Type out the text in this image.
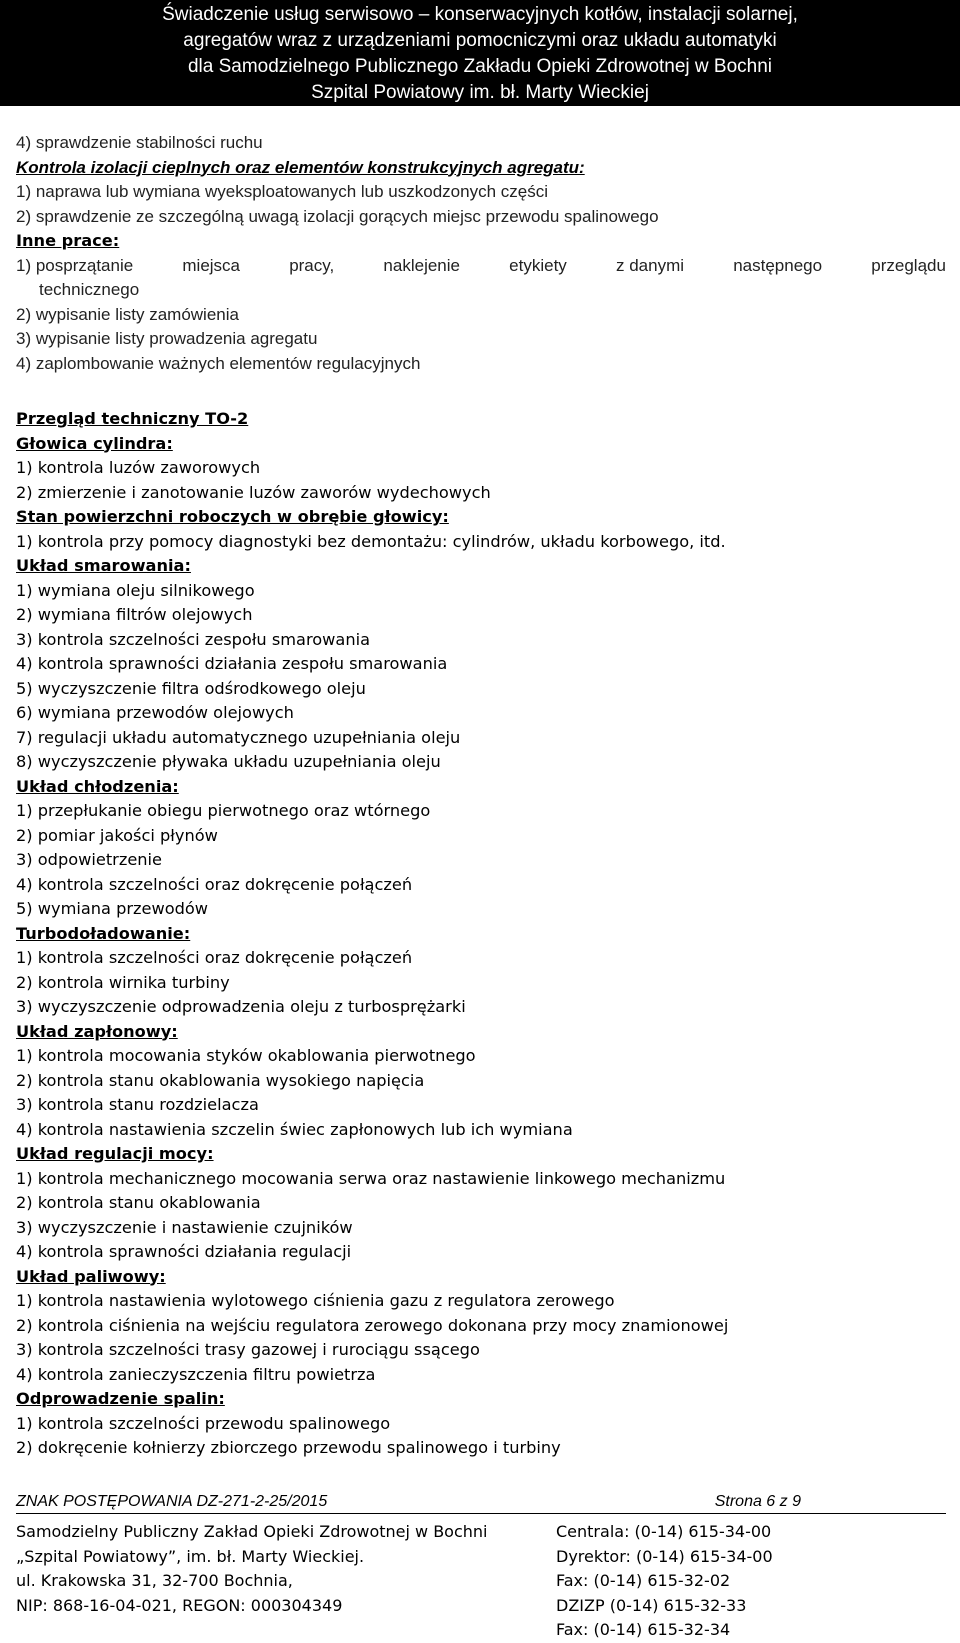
Świadczenie usług serwisowo – konserwacyjnych kotłów, instalacji solarnej,
agregatów wraz z urządzeniami pomocniczymi oraz układu automatyki
dla Samodzielnego Publicznego Zakładu Opieki Zdrowotnej w Bochni
Szpital Powiatowy im. bł. Marty Wieckiej
4) sprawdzenie stabilności ruchu
Kontrola izolacji cieplnych oraz elementów konstrukcyjnych agregatu:
1) naprawa lub wymiana wyeksploatowanych lub uszkodzonych części
2) sprawdzenie ze szczególną uwagą izolacji gorących miejsc przewodu spalinowego
Inne prace:
1) posprzątanie	miejsca	pracy,	naklejenie	etykiety	z danymi	następnego	przeglądu
technicznego
2) wypisanie listy zamówienia
3) wypisanie listy prowadzenia agregatu
4) zaplombowanie ważnych elementów regulacyjnych
Przegląd techniczny TO-2
Głowica cylindra:
1) kontrola luzów zaworowych
2) zmierzenie i zanotowanie luzów zaworów wydechowych
Stan powierzchni roboczych w obrębie głowicy:
1) kontrola przy pomocy diagnostyki bez demontażu: cylindrów, układu korbowego, itd.
Układ smarowania:
1) wymiana oleju silnikowego
2) wymiana filtrów olejowych
3) kontrola szczelności zespołu smarowania
4) kontrola sprawności działania zespołu smarowania
5) wyczyszczenie filtra odśrodkowego oleju
6) wymiana przewodów olejowych
7) regulacji układu automatycznego uzupełniania oleju
8) wyczyszczenie pływaka układu uzupełniania oleju
Układ chłodzenia:
1) przepłukanie obiegu pierwotnego oraz wtórnego
2) pomiar jakości płynów
3) odpowietrzenie
4) kontrola szczelności oraz dokręcenie połączeń
5) wymiana przewodów
Turbodoładowanie:
1) kontrola szczelności oraz dokręcenie połączeń
2) kontrola wirnika turbiny
3) wyczyszczenie odprowadzenia oleju z turbosprężarki
Układ zapłonowy:
1) kontrola mocowania styków okablowania pierwotnego
2) kontrola stanu okablowania wysokiego napięcia
3) kontrola stanu rozdzielacza
4) kontrola nastawienia szczelin świec zapłonowych lub ich wymiana
Układ regulacji mocy:
1) kontrola mechanicznego mocowania serwa oraz nastawienie linkowego mechanizmu
2) kontrola stanu okablowania
3) wyczyszczenie i nastawienie czujników
4) kontrola sprawności działania regulacji
Układ paliwowy:
1) kontrola nastawienia wylotowego ciśnienia gazu z regulatora zerowego
2) kontrola ciśnienia na wejściu regulatora zerowego dokonana przy mocy znamionowej
3) kontrola szczelności trasy gazowej i rurociągu ssącego
4) kontrola zanieczyszczenia filtru powietrza
Odprowadzenie spalin:
1) kontrola szczelności przewodu spalinowego
2) dokręcenie kołnierzy zbiorczego przewodu spalinowego i turbiny
ZNAK POSTĘPOWANIA DZ-271-2-25/2015	Strona 6 z 9
Samodzielny Publiczny Zakład Opieki Zdrowotnej w Bochni
„Szpital Powiatowy”, im. bł. Marty Wieckiej.
ul. Krakowska 31, 32-700 Bochnia,
NIP: 868-16-04-021, REGON: 000304349
Centrala: (0-14) 615-34-00
Dyrektor: (0-14) 615-34-00
Fax: (0-14) 615-32-02
DZIZP (0-14) 615-32-33
Fax: (0-14) 615-32-34
